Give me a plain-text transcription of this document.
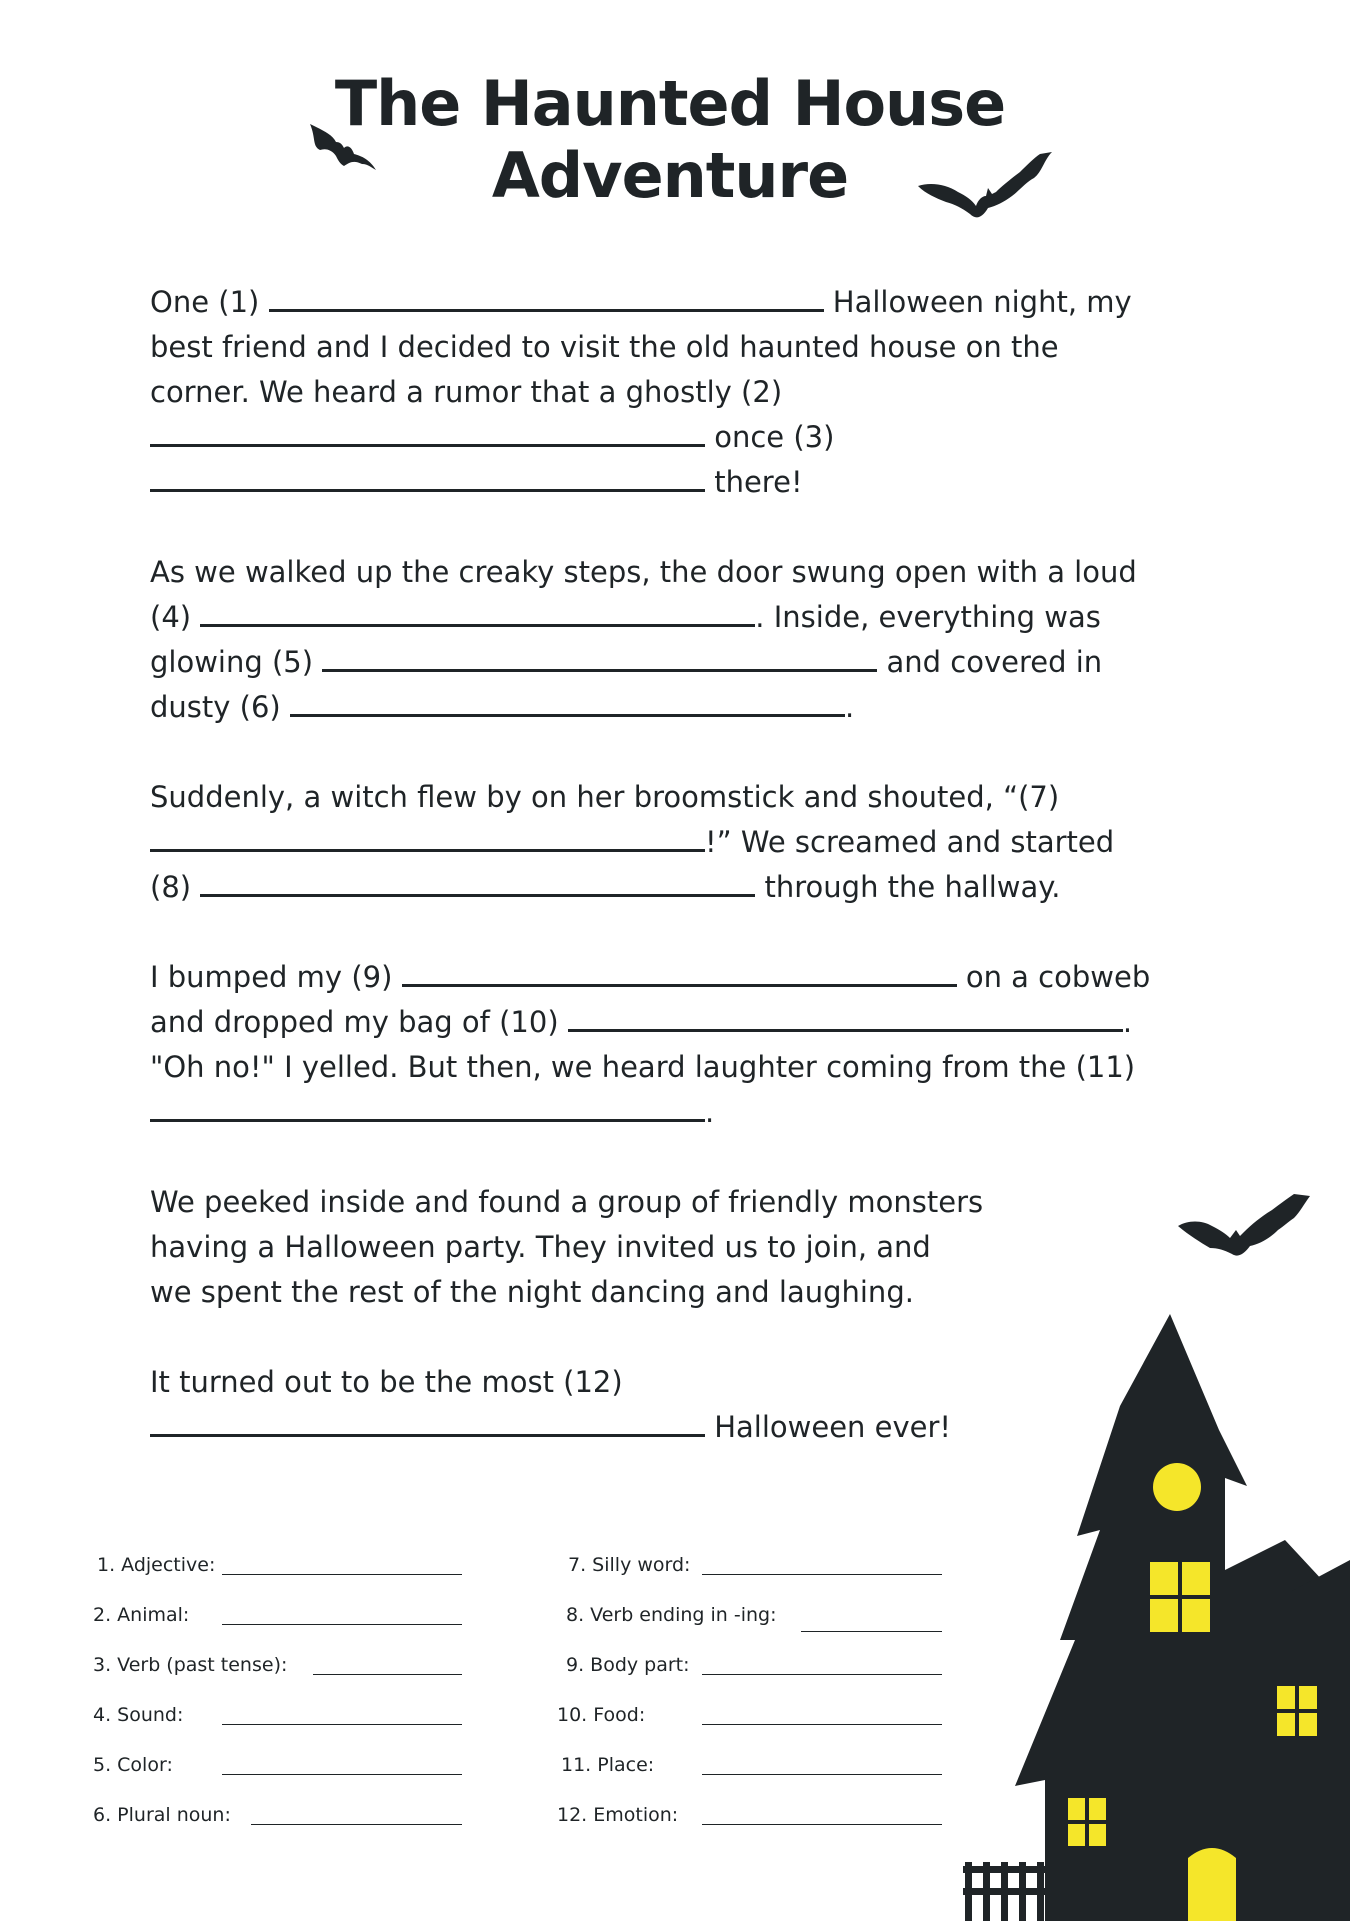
The Haunted House
Adventure

One (1)	Halloween night, my
best friend and I decided to visit the old haunted house on the
corner. We heard a rumor that a ghostly (2)
once (3)
there!

As we walked up the creaky steps, the door swung open with a loud
(4)	. Inside, everything was
glowing (5)	and covered in
dusty (6)	.

Suddenly, a witch flew by on her broomstick and shouted, “(7)
!” We screamed and started
(8)	through the hallway.

I bumped my (9)	on a cobweb
and dropped my bag of (10)	.
"Oh no!" I yelled. But then, we heard laughter coming from the (11)
.

We peeked inside and found a group of friendly monsters
having a Halloween party. They invited us to join, and
we spent the rest of the night dancing and laughing.

It turned out to be the most (12)
Halloween ever!

1. Adjective:
2. Animal:
3. Verb (past tense):
4. Sound:
5. Color:
6. Plural noun:
7. Silly word:
8. Verb ending in -ing:
9. Body part:
10. Food:
11. Place:
12. Emotion:
